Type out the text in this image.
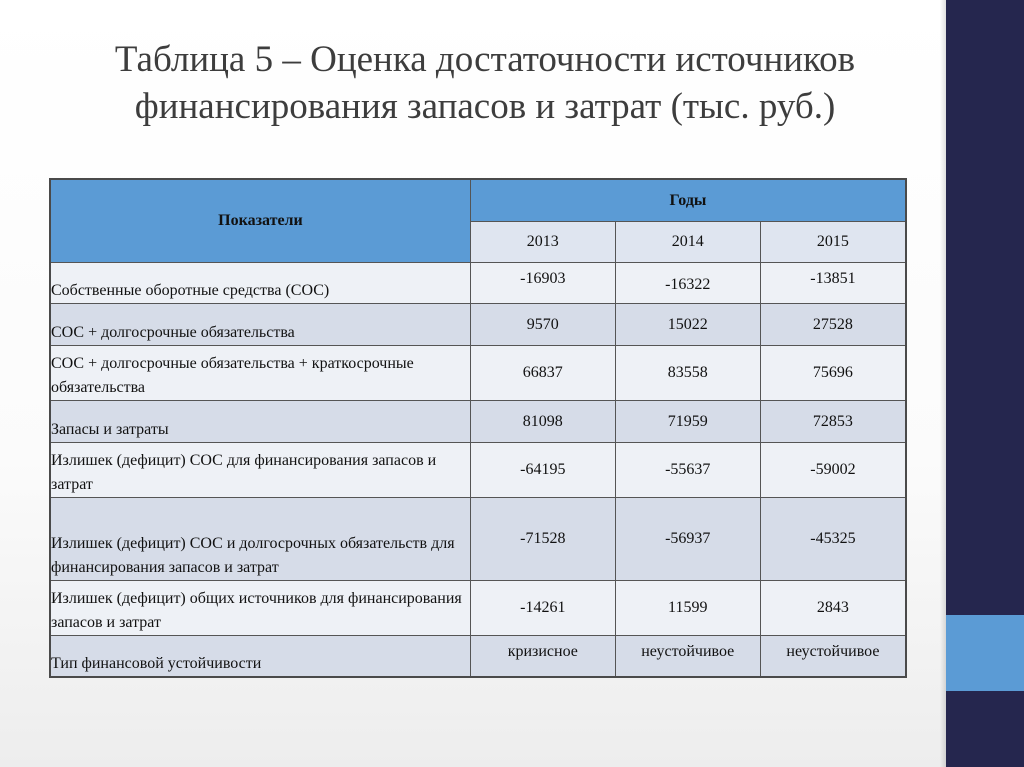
Таблица 5 – Оценка достаточности источников
финансирования запасов и затрат (тыс. руб.)
Показатели	Годы		
	2013	2014	2015
Собственные оборотные средства (СОС)	-16903	-16322	-13851
СОС + долгосрочные обязательства	9570	15022	27528
СОС + долгосрочные обязательства + краткосрочные обязательства	66837	83558	75696
Запасы и затраты	81098	71959	72853
Излишек (дефицит) СОС для финансирования запасов и затрат	-64195	-55637	-59002
Излишек (дефицит) СОС и долгосрочных обязательств для финансирования запасов и затрат	-71528	-56937	-45325
Излишек (дефицит) общих источников для финансирования запасов и затрат	-14261	11599	2843
Тип финансовой устойчивости	кризисное	неустойчивое	неустойчивое
